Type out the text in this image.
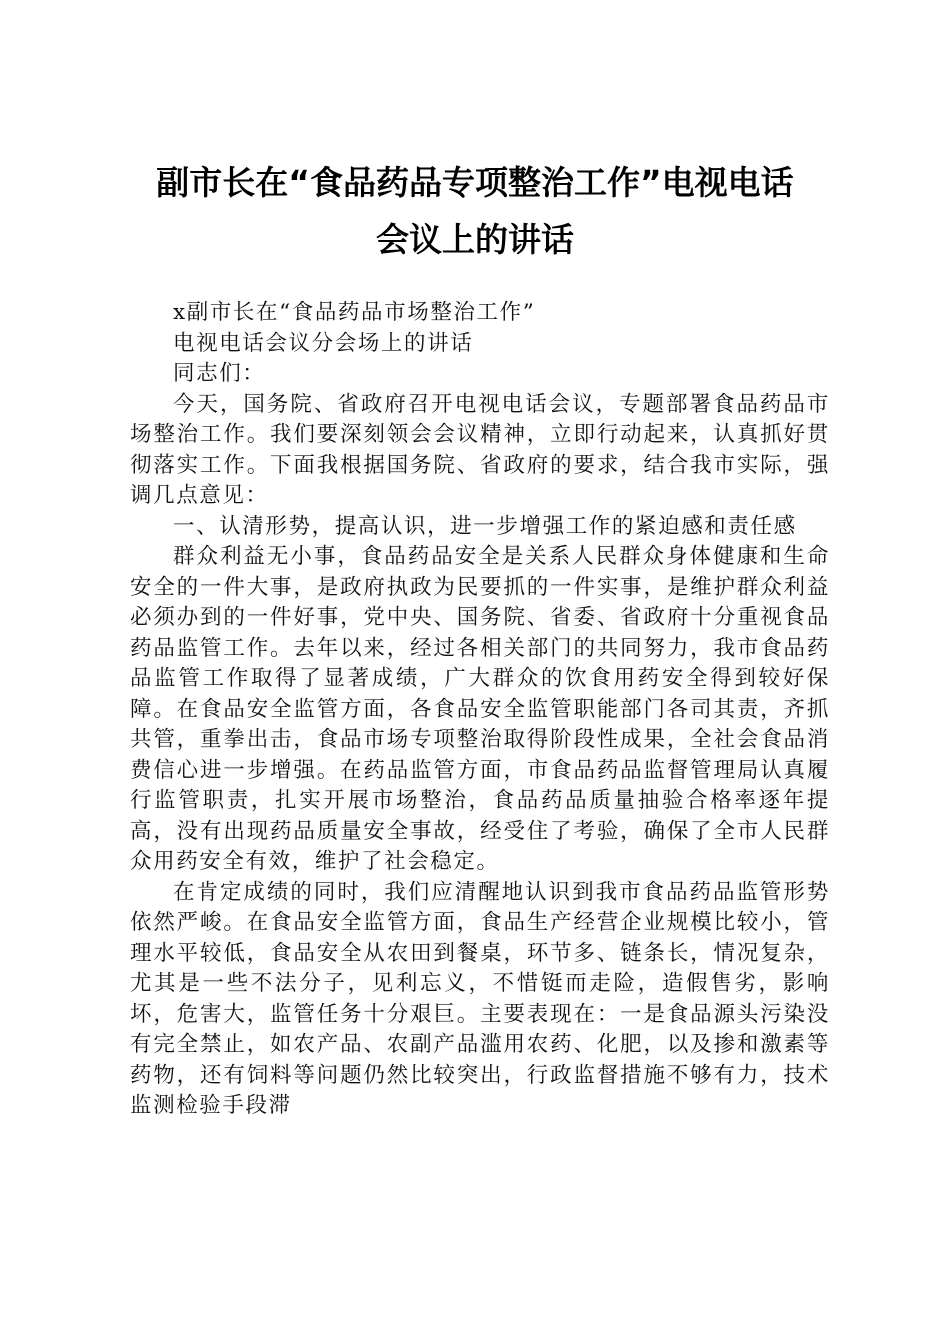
副市长在“食品药品专项整治工作”电视电话
会议上的讲话

x副市长在“食品药品市场整治工作”

电视电话会议分会场上的讲话

同志们：

今天，国务院、省政府召开电视电话会议，专题部署食品药品市场整治工作。我们要深刻领会会议精神，立即行动起来，认真抓好贯彻落实工作。下面我根据国务院、省政府的要求，结合我市实际，强调几点意见：

一、认清形势，提高认识，进一步增强工作的紧迫感和责任感

群众利益无小事，食品药品安全是关系人民群众身体健康和生命安全的一件大事，是政府执政为民要抓的一件实事，是维护群众利益必须办到的一件好事，党中央、国务院、省委、省政府十分重视食品药品监管工作。去年以来，经过各相关部门的共同努力，我市食品药品监管工作取得了显著成绩，广大群众的饮食用药安全得到较好保障。在食品安全监管方面，各食品安全监管职能部门各司其责，齐抓共管，重拳出击，食品市场专项整治取得阶段性成果，全社会食品消费信心进一步增强。在药品监管方面，市食品药品监督管理局认真履行监管职责，扎实开展市场整治，食品药品质量抽验合格率逐年提高，没有出现药品质量安全事故，经受住了考验，确保了全市人民群众用药安全有效，维护了社会稳定。

在肯定成绩的同时，我们应清醒地认识到我市食品药品监管形势依然严峻。在食品安全监管方面，食品生产经营企业规模比较小，管理水平较低，食品安全从农田到餐桌，环节多、链条长，情况复杂，尤其是一些不法分子，见利忘义，不惜铤而走险，造假售劣，影响坏，危害大，监管任务十分艰巨。主要表现在：一是食品源头污染没有完全禁止，如农产品、农副产品滥用农药、化肥，以及掺和激素等药物，还有饲料等问题仍然比较突出，行政监督措施不够有力，技术监测检验手段滞
